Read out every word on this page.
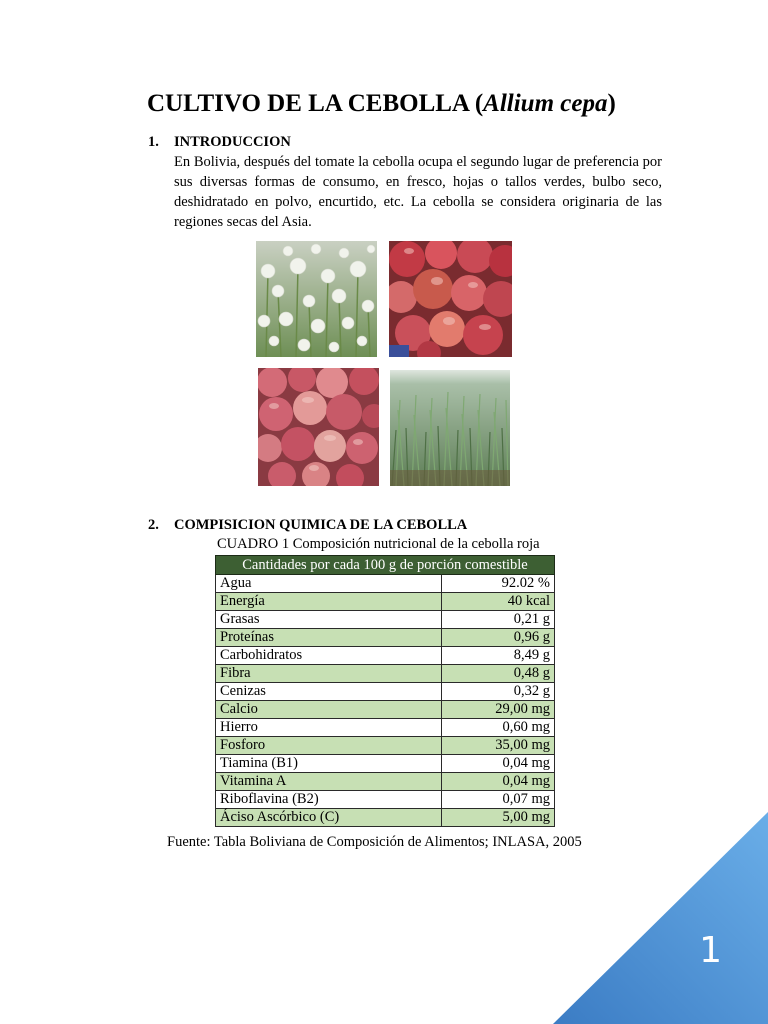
CULTIVO DE LA CEBOLLA (Allium cepa)
1. INTRODUCCION
En Bolivia, después del tomate la cebolla ocupa el segundo lugar de preferencia por sus diversas formas de consumo, en fresco, hojas o tallos verdes, bulbo seco, deshidratado en polvo, encurtido, etc. La cebolla se considera originaria de las regiones secas del Asia.
2. COMPISICION QUIMICA DE LA CEBOLLA
CUADRO 1 Composición nutricional de la cebolla roja
Cantidades por cada 100 g de porción comestible	
Agua	92.02 %
Energía	40 kcal
Grasas	0,21 g
Proteínas	0,96 g
Carbohidratos	8,49 g
Fibra	0,48 g
Cenizas	0,32 g
Calcio	29,00 mg
Hierro	0,60 mg
Fosforo	35,00 mg
Tiamina (B1)	0,04 mg
Vitamina A	0,04 mg
Riboflavina (B2)	0,07 mg
Áciso Ascórbico (C)	5,00 mg
Fuente: Tabla Boliviana de Composición de Alimentos; INLASA, 2005
1
